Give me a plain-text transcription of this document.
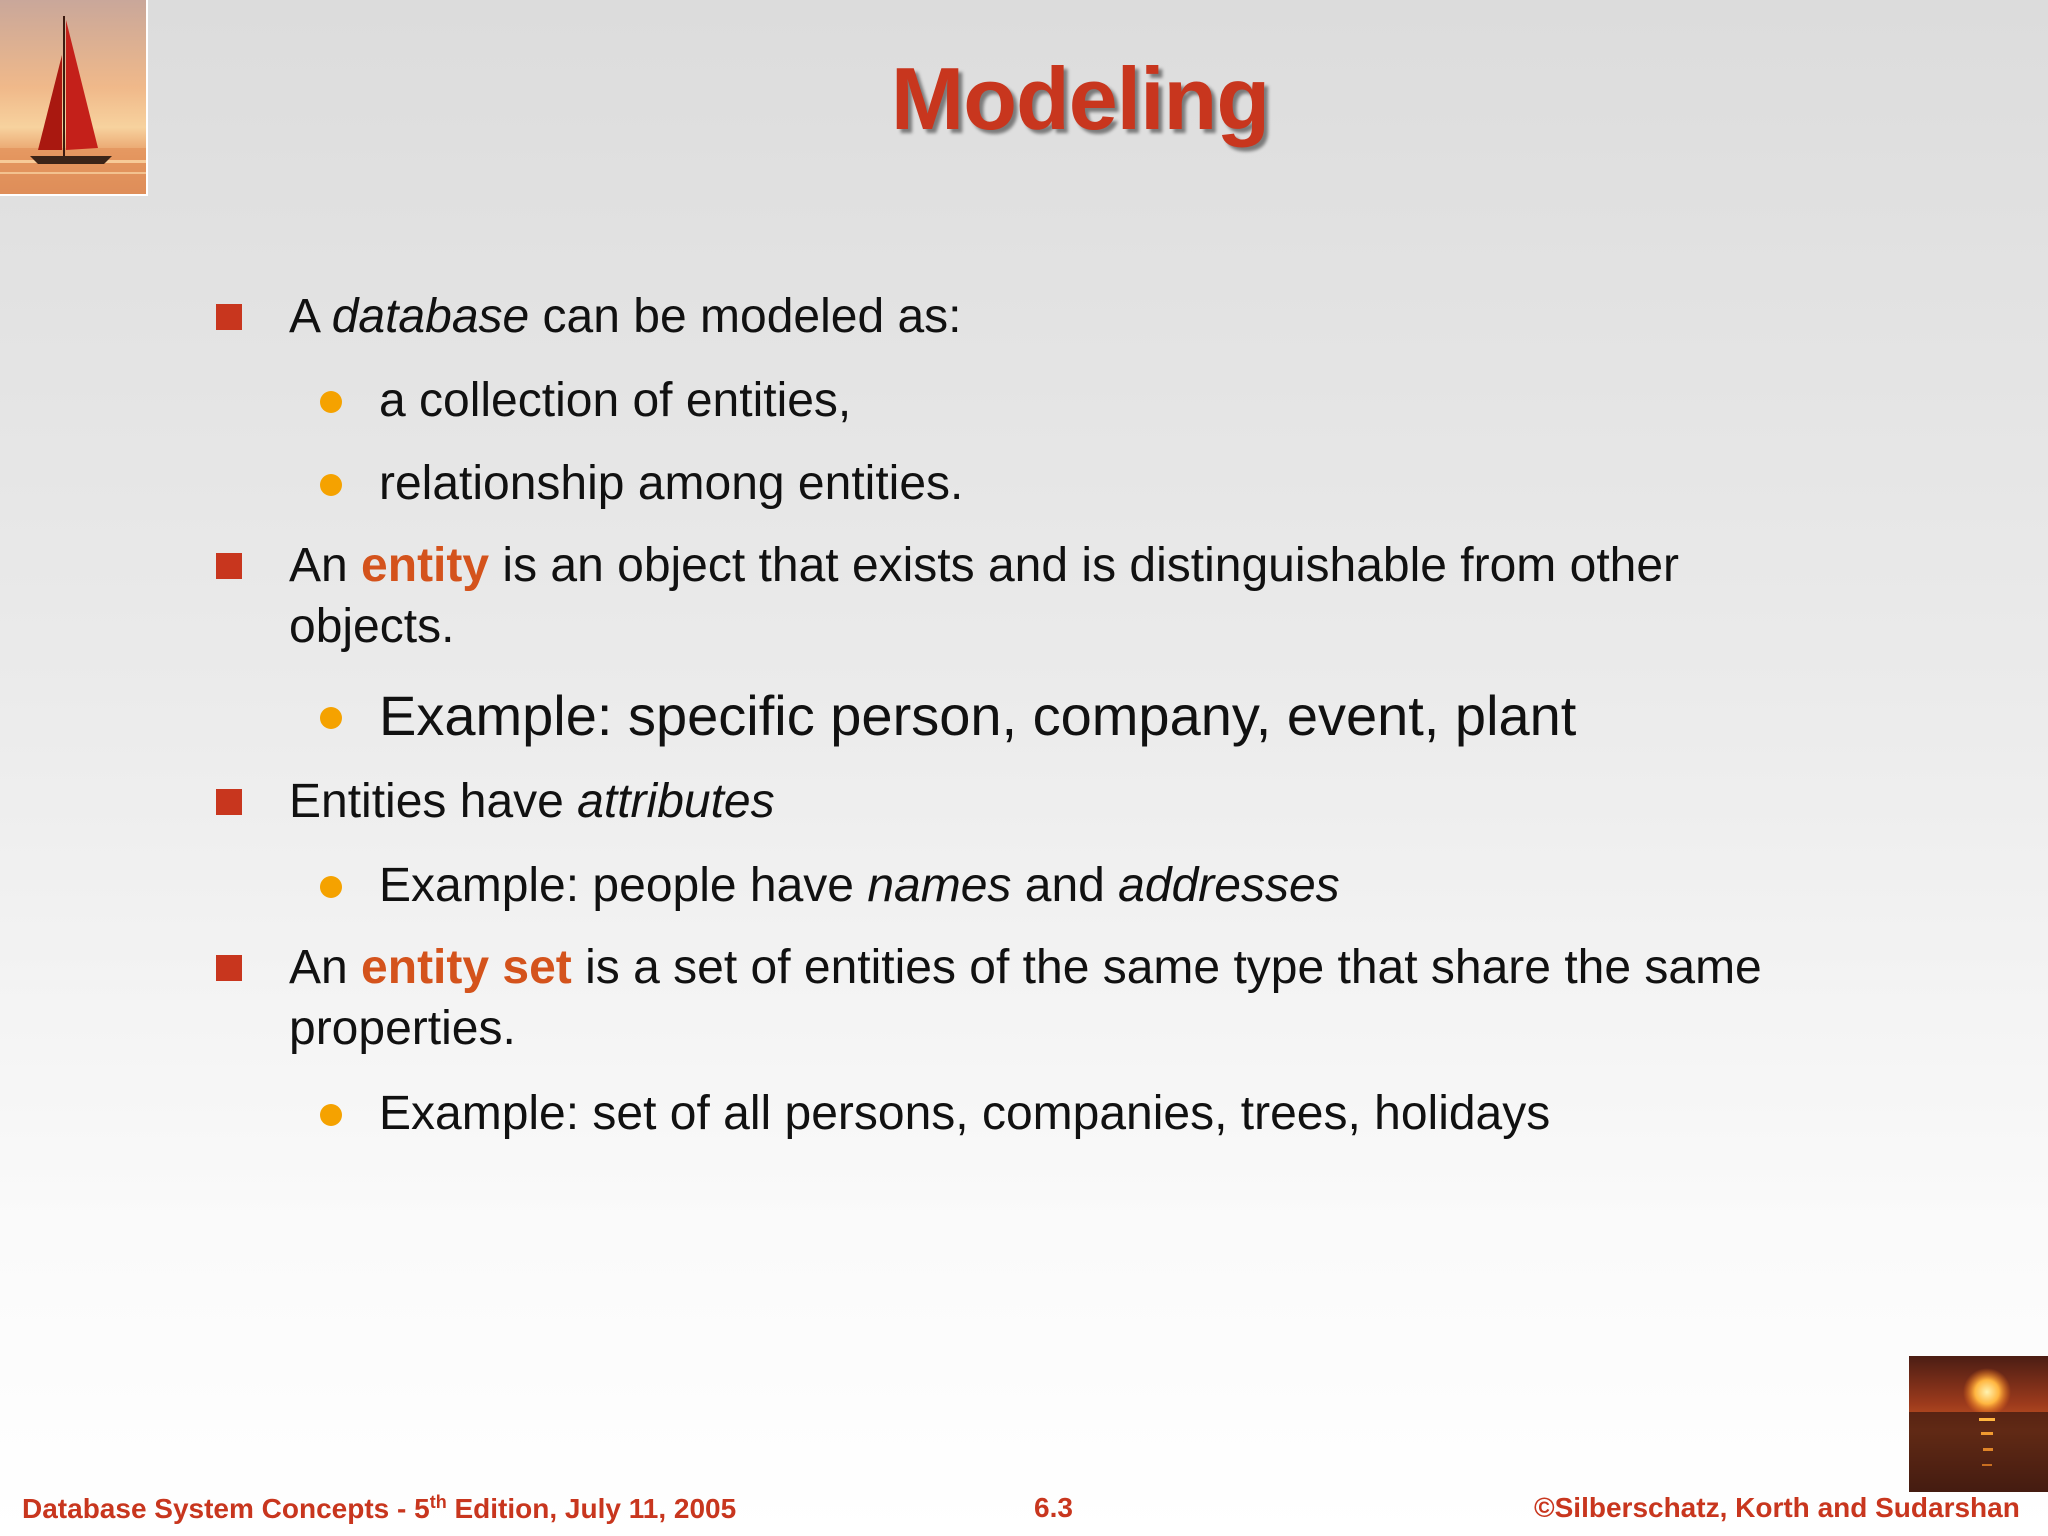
Modeling
A database can be modeled as:
a collection of entities,
relationship among entities.
An entity is an object that exists and is distinguishable from other
objects.
Example: specific person, company, event, plant
Entities have attributes
Example: people have names and addresses
An entity set is a set of entities of the same type that share the same
properties.
Example: set of all persons, companies, trees, holidays
Database System Concepts - 5th Edition, July 11, 2005	6.3	©Silberschatz, Korth and Sudarshan
